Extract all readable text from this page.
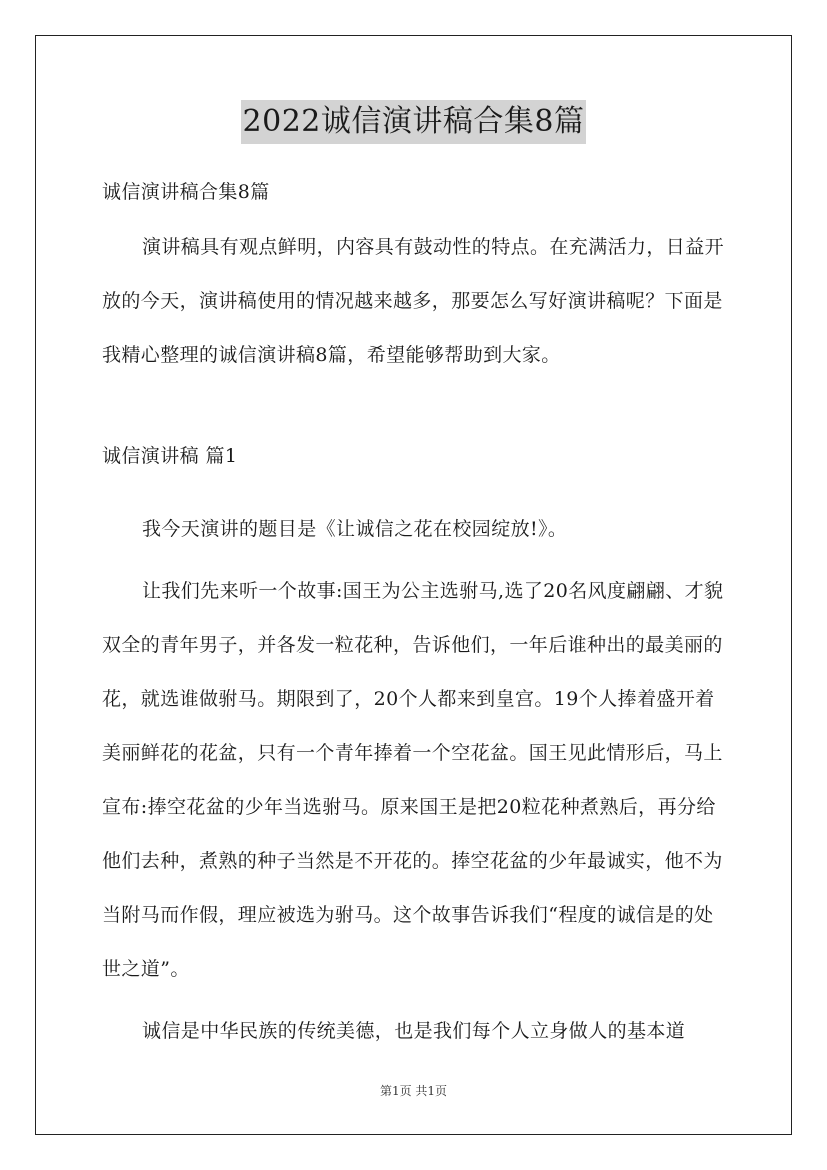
2022诚信演讲稿合集8篇

诚信演讲稿合集8篇

演讲稿具有观点鲜明，内容具有鼓动性的特点。在充满活力，日益开放的今天，演讲稿使用的情况越来越多，那要怎么写好演讲稿呢？下面是我精心整理的诚信演讲稿8篇，希望能够帮助到大家。

诚信演讲稿 篇1

我今天演讲的题目是《让诚信之花在校园绽放!》。

让我们先来听一个故事:国王为公主选驸马,选了20名风度翩翩、才貌双全的青年男子，并各发一粒花种，告诉他们，一年后谁种出的最美丽的花，就选谁做驸马。期限到了，20个人都来到皇宫。19个人捧着盛开着美丽鲜花的花盆，只有一个青年捧着一个空花盆。国王见此情形后，马上宣布:捧空花盆的少年当选驸马。原来国王是把20粒花种煮熟后，再分给他们去种，煮熟的种子当然是不开花的。捧空花盆的少年最诚实，他不为当附马而作假，理应被选为驸马。这个故事告诉我们“程度的诚信是的处世之道”。

诚信是中华民族的传统美德，也是我们每个人立身做人的基本道

第1页 共1页
